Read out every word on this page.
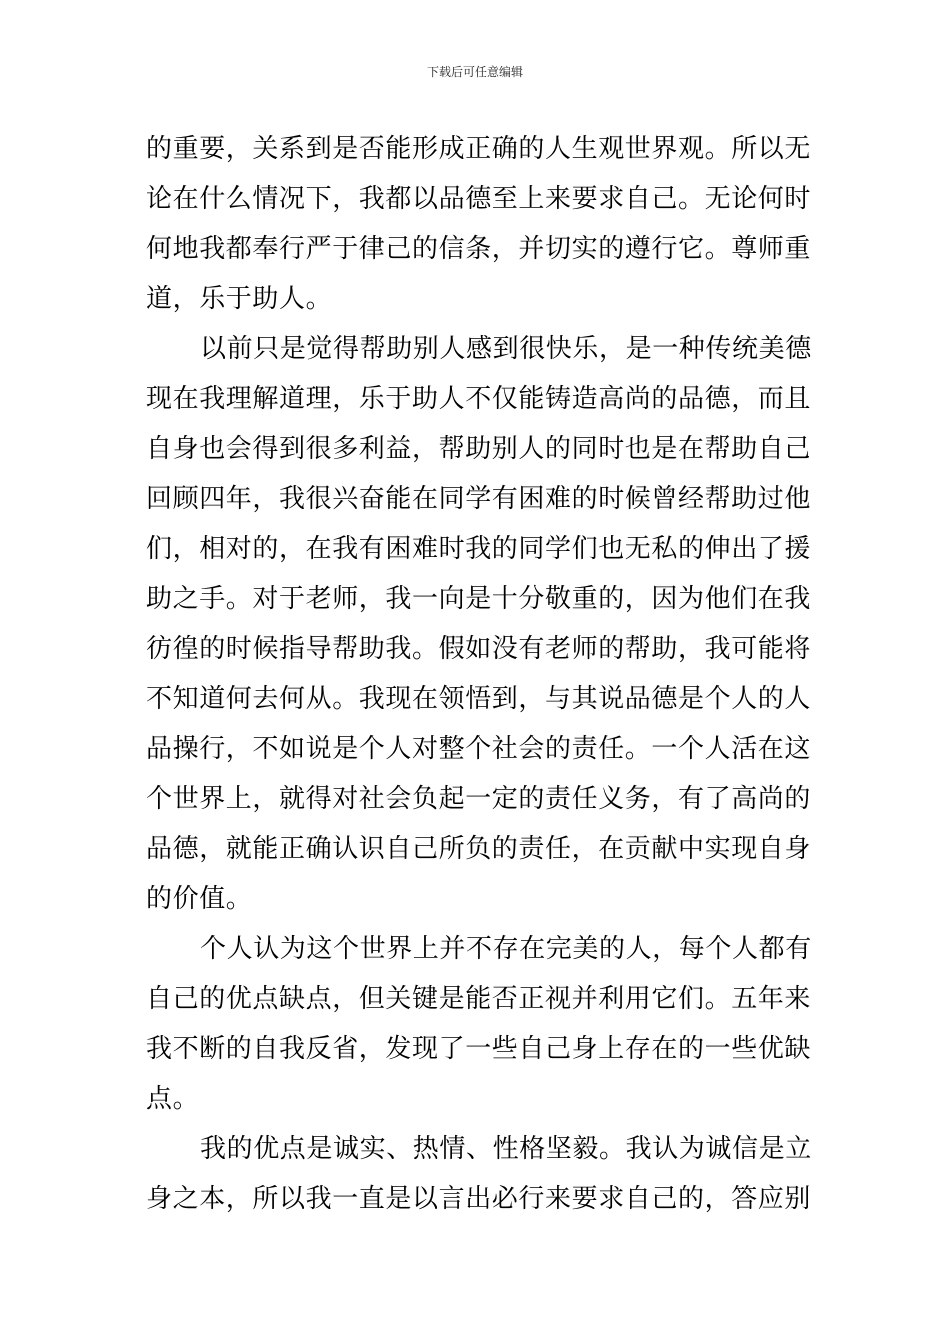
下载后可任意编辑
的重要，关系到是否能形成正确的人生观世界观。所以无
论在什么情况下，我都以品德至上来要求自己。无论何时
何地我都奉行严于律己的信条，并切实的遵行它。尊师重
道，乐于助人。
以前只是觉得帮助别人感到很快乐，是一种传统美德
现在我理解道理，乐于助人不仅能铸造高尚的品德，而且
自身也会得到很多利益，帮助别人的同时也是在帮助自己
回顾四年，我很兴奋能在同学有困难的时候曾经帮助过他
们，相对的，在我有困难时我的同学们也无私的伸出了援
助之手。对于老师，我一向是十分敬重的，因为他们在我
彷徨的时候指导帮助我。假如没有老师的帮助，我可能将
不知道何去何从。我现在领悟到，与其说品德是个人的人
品操行，不如说是个人对整个社会的责任。一个人活在这
个世界上，就得对社会负起一定的责任义务，有了高尚的
品德，就能正确认识自己所负的责任，在贡献中实现自身
的价值。
个人认为这个世界上并不存在完美的人，每个人都有
自己的优点缺点，但关键是能否正视并利用它们。五年来
我不断的自我反省，发现了一些自己身上存在的一些优缺
点。
我的优点是诚实、热情、性格坚毅。我认为诚信是立
身之本，所以我一直是以言出必行来要求自己的，答应别
